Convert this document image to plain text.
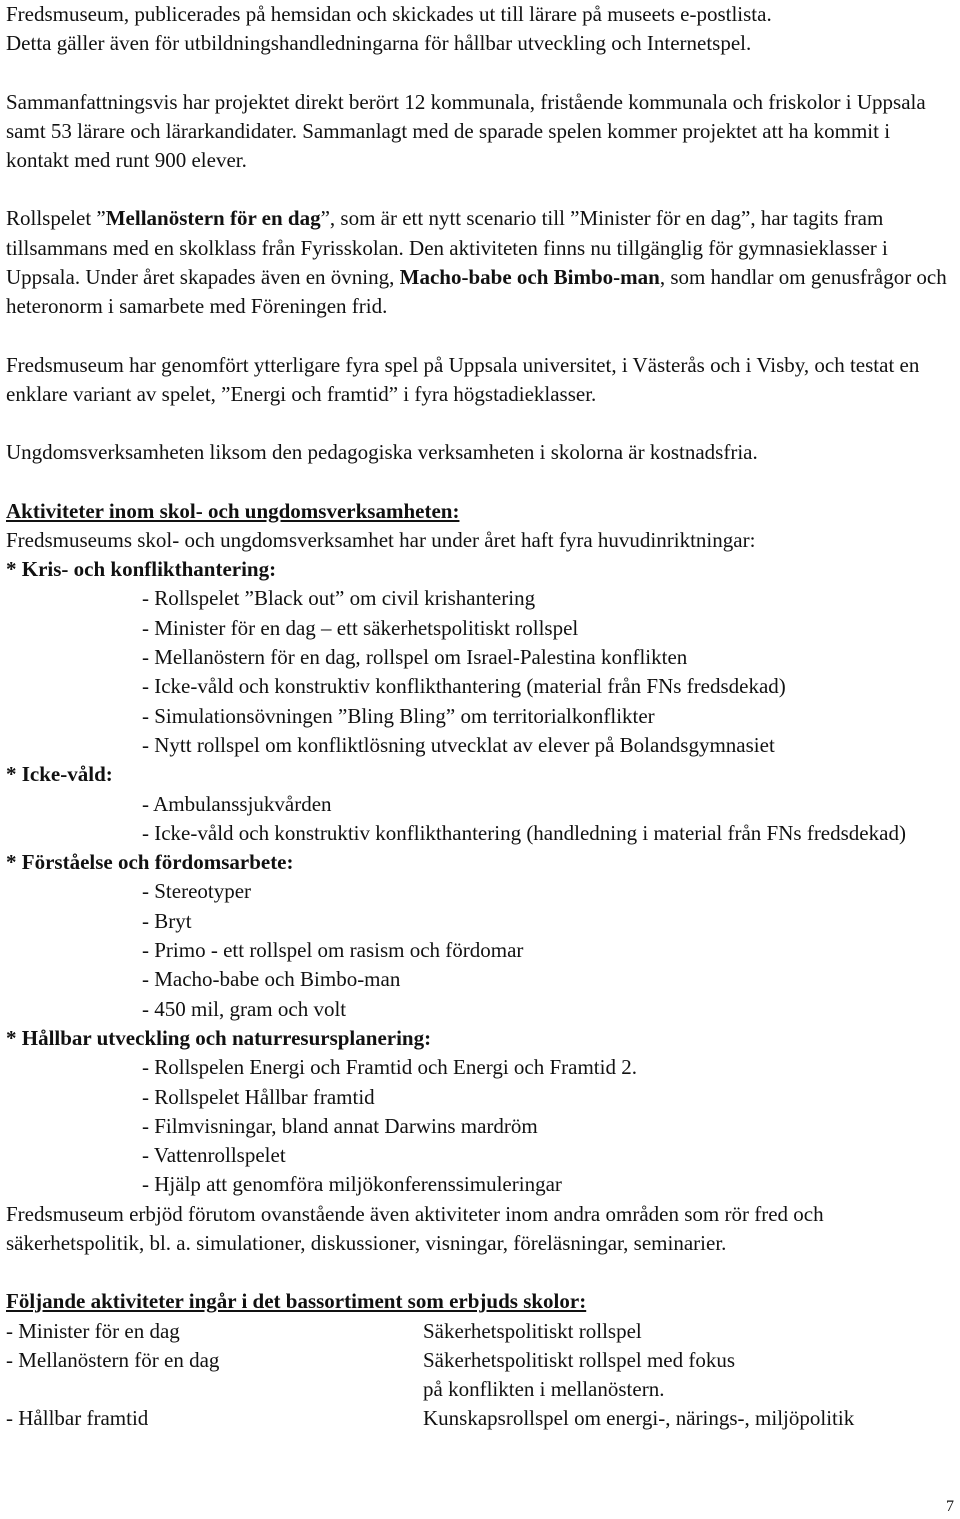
Fredsmuseum, publicerades på hemsidan och skickades ut till lärare på museets e-postlista.

Detta gäller även för utbildningshandledningarna för hållbar utveckling och Internetspel.

Sammanfattningsvis har projektet direkt berört 12 kommunala, fristående kommunala och friskolor i Uppsala samt 53 lärare och lärarkandidater. Sammanlagt med de sparade spelen kommer projektet att ha kommit i kontakt med runt 900 elever.

Rollspelet ”Mellanöstern för en dag”, som är ett nytt scenario till ”Minister för en dag”, har tagits fram tillsammans med en skolklass från Fyrisskolan. Den aktiviteten finns nu tillgänglig för gymnasieklasser i Uppsala. Under året skapades även en övning, Macho-babe och Bimbo-man, som handlar om genusfrågor och heteronorm i samarbete med Föreningen frid.

Fredsmuseum har genomfört ytterligare fyra spel på Uppsala universitet, i Västerås och i Visby, och testat en enklare variant av spelet, ”Energi och framtid” i fyra högstadieklasser.

Ungdomsverksamheten liksom den pedagogiska verksamheten i skolorna är kostnadsfria.

Aktiviteter inom skol- och ungdomsverksamheten:

Fredsmuseums skol- och ungdomsverksamhet har under året haft fyra huvudinriktningar:

* Kris- och konflikthantering:

- Rollspelet ”Black out” om civil krishantering
- Minister för en dag – ett säkerhetspolitiskt rollspel
- Mellanöstern för en dag, rollspel om Israel-Palestina konflikten
- Icke-våld och konstruktiv konflikthantering (material från FNs fredsdekad)
- Simulationsövningen ”Bling Bling” om territorialkonflikter
- Nytt rollspel om konfliktlösning utvecklat av elever på Bolandsgymnasiet

* Icke-våld:

- Ambulanssjukvården
- Icke-våld och konstruktiv konflikthantering (handledning i material från FNs fredsdekad)

* Förståelse och fördomsarbete:

- Stereotyper
- Bryt
- Primo - ett rollspel om rasism och fördomar
- Macho-babe och Bimbo-man
- 450 mil, gram och volt

* Hållbar utveckling och naturresursplanering:

- Rollspelen Energi och Framtid och Energi och Framtid 2.
- Rollspelet Hållbar framtid
- Filmvisningar, bland annat Darwins mardröm
- Vattenrollspelet
- Hjälp att genomföra miljökonferenssimuleringar

Fredsmuseum erbjöd förutom ovanstående även aktiviteter inom andra områden som rör fred och säkerhetspolitik, bl. a. simulationer, diskussioner, visningar, föreläsningar, seminarier.

Följande aktiviteter ingår i det bassortiment som erbjuds skolor:

- Minister för en dag	Säkerhetspolitiskt rollspel
- Mellanöstern för en dag	Säkerhetspolitiskt rollspel med fokus
på konflikten i mellanöstern.
- Hållbar framtid	Kunskapsrollspel om energi-, närings-, miljöpolitik
7
